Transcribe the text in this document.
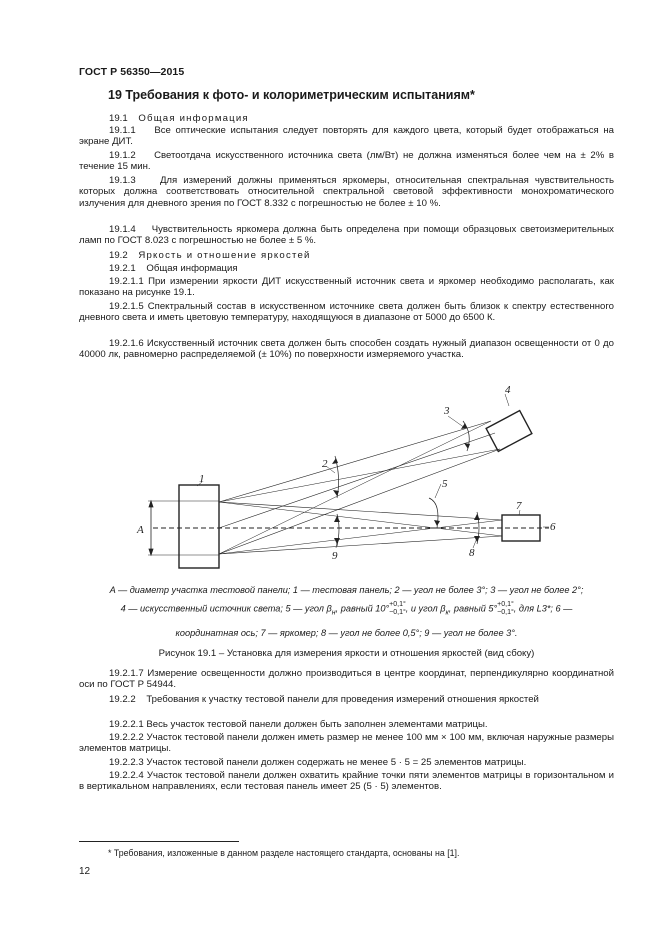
ГОСТ Р 56350—2015
19 Требования к фото- и колориметрическим испытаниям*
19.1 Общая информация
19.1.1 Все оптические испытания следует повторять для каждого цвета, который будет отображаться на экране ДИТ.
19.1.2 Светоотдача искусственного источника света (лм/Вт) не должна изменяться более чем на ± 2% в течение 15 мин.
19.1.3	Для измерений должны применяться яркомеры, относительная спектральная чувствительность которых должна соответствовать относительной спектральной световой эффективности монохроматического излучения для дневного зрения по ГОСТ 8.332 с погрешностью не более ± 10 %.
19.1.4 Чувствительность яркомера должна быть определена при помощи образцовых светоизмерительных ламп по ГОСТ 8.023 с погрешностью не более ± 5 %.
19.2 Яркость и отношение яркостей
19.2.1 Общая информация
19.2.1.1 При измерении яркости ДИТ искусственный источник света и яркомер необходимо располагать, как показано на рисунке 19.1.
19.2.1.5 Спектральный состав в искусственном источнике света должен быть близок к спектру естественного дневного света и иметь цветовую температуру, находящуюся в диапазоне от 5000 до 6500 К.
19.2.1.6 Искусственный источник света должен быть способен создать нужный диапазон освещенности от 0 до 40000 лк, равномерно распределяемой (± 10%) по поверхности измеряемого участка.
A
1
2
3
4
5
6
7
8
9
A — диаметр участка тестовой панели; 1 — тестовая панель; 2 — угол не более 3°; 3 — угол не более 2°;
4 — искусственный источник света; 5 — угол $\beta_н$, равный 10°+0,1°
−0,1°, и угол $\beta_к$, равный 5°+0,1°
−0,1°, для L3*; 6 —
координатная ось; 7 — яркомер; 8 — угол не более 0,5°; 9 — угол не более 3°.
Рисунок 19.1 – Установка для измерения яркости и отношения яркостей (вид сбоку)
19.2.1.7 Измерение освещенности должно производиться в центре координат, перпендикулярно координатной оси по ГОСТ Р 54944.
19.2.2 Требования к участку тестовой панели для проведения измерений отношения яркостей
19.2.2.1 Весь участок тестовой панели должен быть заполнен элементами матрицы.
19.2.2.2 Участок тестовой панели должен иметь размер не менее 100 мм × 100 мм, включая наружные размеры элементов матрицы.
19.2.2.3 Участок тестовой панели должен содержать не менее 5 · 5 = 25 элементов матрицы.
19.2.2.4 Участок тестовой панели должен охватить крайние точки пяти элементов матрицы в горизонтальном и в вертикальном направлениях, если тестовая панель имеет 25 (5 · 5) элементов.
* Требования, изложенные в данном разделе настоящего стандарта, основаны на [1].
12
